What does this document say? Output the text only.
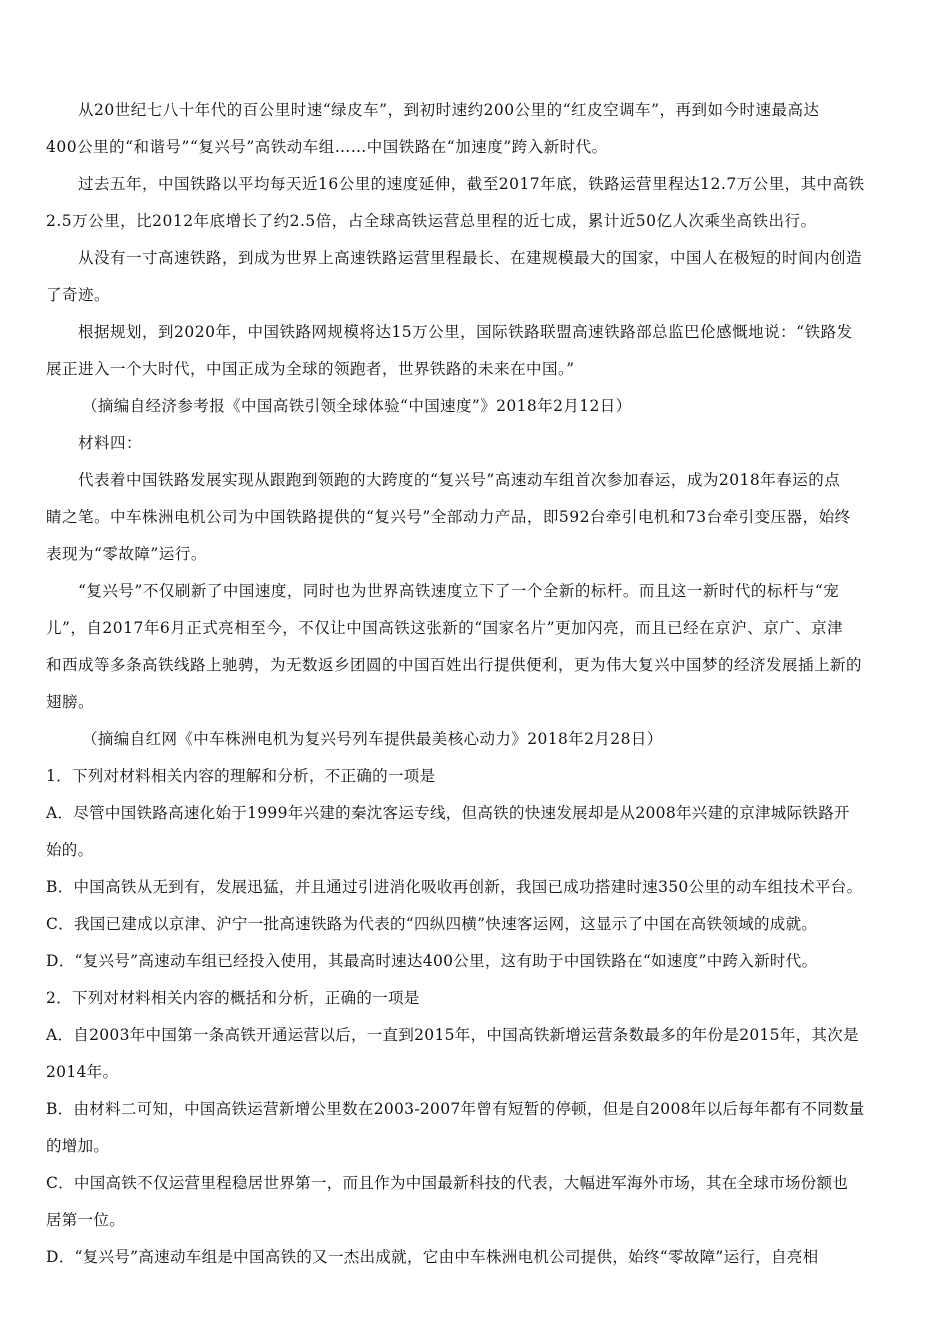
从20世纪七八十年代的百公里时速“绿皮车”，到初时速约200公里的“红皮空调车”，再到如今时速最高达
400公里的“和谐号”“复兴号”高铁动车组……中国铁路在“加速度”跨入新时代。
过去五年，中国铁路以平均每天近16公里的速度延伸，截至2017年底，铁路运营里程达12.7万公里，其中高铁
2.5万公里，比2012年底增长了约2.5倍，占全球高铁运营总里程的近七成，累计近50亿人次乘坐高铁出行。
从没有一寸高速铁路，到成为世界上高速铁路运营里程最长、在建规模最大的国家，中国人在极短的时间内创造
了奇迹。
根据规划，到2020年，中国铁路网规模将达15万公里，国际铁路联盟高速铁路部总监巴伦感慨地说：“铁路发
展正进入一个大时代，中国正成为全球的领跑者，世界铁路的未来在中国。”
（摘编自经济参考报《中国高铁引领全球体验“中国速度”》2018年2月12日）
材料四：
代表着中国铁路发展实现从跟跑到领跑的大跨度的“复兴号”高速动车组首次参加春运，成为2018年春运的点
睛之笔。中车株洲电机公司为中国铁路提供的“复兴号”全部动力产品，即592台牵引电机和73台牵引变压器，始终
表现为“零故障”运行。
“复兴号”不仅刷新了中国速度，同时也为世界高铁速度立下了一个全新的标杆。而且这一新时代的标杆与“宠
儿”，自2017年6月正式亮相至今，不仅让中国高铁这张新的“国家名片”更加闪亮，而且已经在京沪、京广、京津
和西成等多条高铁线路上驰骋，为无数返乡团圆的中国百姓出行提供便利，更为伟大复兴中国梦的经济发展插上新的
翅膀。
（摘编自红网《中车株洲电机为复兴号列车提供最美核心动力》2018年2月28日）
1．下列对材料相关内容的理解和分析，不正确的一项是
A．尽管中国铁路高速化始于1999年兴建的秦沈客运专线，但高铁的快速发展却是从2008年兴建的京津城际铁路开
始的。
B．中国高铁从无到有，发展迅猛，并且通过引进消化吸收再创新，我国已成功搭建时速350公里的动车组技术平台。
C．我国已建成以京津、沪宁一批高速铁路为代表的“四纵四横”快速客运网，这显示了中国在高铁领域的成就。
D．“复兴号”高速动车组已经投入使用，其最高时速达400公里，这有助于中国铁路在“如速度”中跨入新时代。
2．下列对材料相关内容的概括和分析，正确的一项是
A．自2003年中国第一条高铁开通运营以后，一直到2015年，中国高铁新增运营条数最多的年份是2015年，其次是
2014年。
B．由材料二可知，中国高铁运营新增公里数在2003-2007年曾有短暂的停顿，但是自2008年以后每年都有不同数量
的增加。
C．中国高铁不仅运营里程稳居世界第一，而且作为中国最新科技的代表，大幅进军海外市场，其在全球市场份额也
居第一位。
D．“复兴号”高速动车组是中国高铁的又一杰出成就，它由中车株洲电机公司提供，始终“零故障”运行，自亮相
